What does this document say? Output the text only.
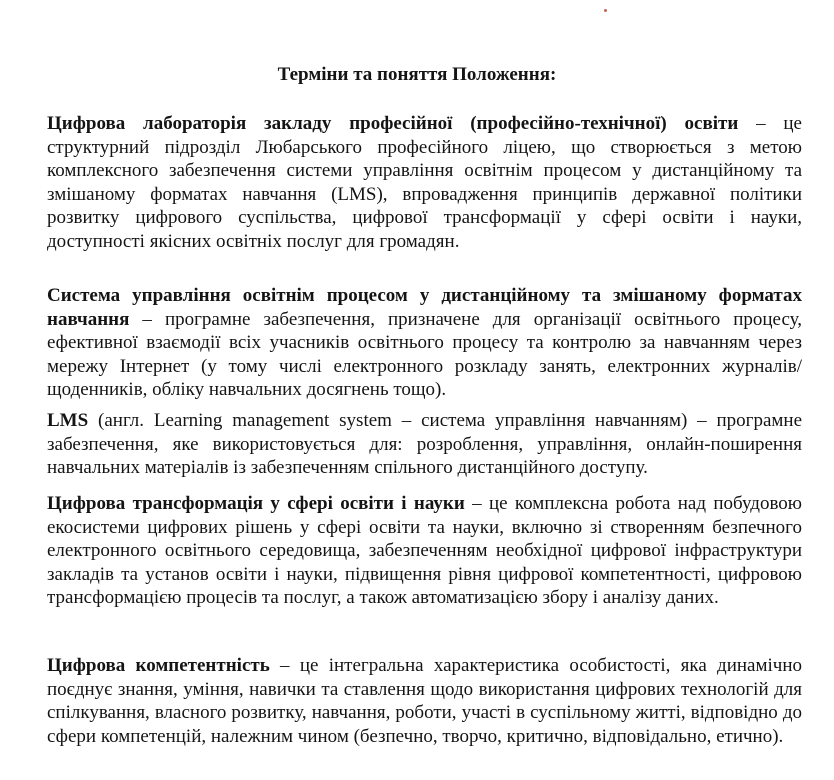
Терміни та поняття Положення:

Цифрова лабораторія закладу професійної (професійно-технічної) освіти – це структурний підрозділ Любарського професійного ліцею, що створюється з метою комплексного забезпечення системи управління освітнім процесом у дистанційному та змішаному форматах навчання (LMS), впровадження принципів державної політики розвитку цифрового суспільства, цифрової трансформації у сфері освіти і науки, доступності якісних освітніх послуг для громадян.

Система управління освітнім процесом у дистанційному та змішаному форматах навчання – програмне забезпечення, призначене для організації освітнього процесу, ефективної взаємодії всіх учасників освітнього процесу та контролю за навчанням через мережу Інтернет (у тому числі електронного розкладу занять, електронних журналів/щоденників, обліку навчальних досягнень тощо).

LMS (англ. Learning management system – система управління навчанням) – програмне забезпечення, яке використовується для: розроблення, управління, онлайн-поширення навчальних матеріалів із забезпеченням спільного дистанційного доступу.

Цифрова трансформація у сфері освіти і науки – це комплексна робота над побудовою екосистеми цифрових рішень у сфері освіти та науки, включно зі створенням безпечного електронного освітнього середовища, забезпеченням необхідної цифрової інфраструктури закладів та установ освіти і науки, підвищення рівня цифрової компетентності, цифровою трансформацією процесів та послуг, а також автоматизацією збору і аналізу даних.

Цифрова компетентність – це інтегральна характеристика особистості, яка динамічно поєднує знання, уміння, навички та ставлення щодо використання цифрових технологій для спілкування, власного розвитку, навчання, роботи, участі в суспільному житті, відповідно до сфери компетенцій, належним чином (безпечно, творчо, критично, відповідально, етично).
